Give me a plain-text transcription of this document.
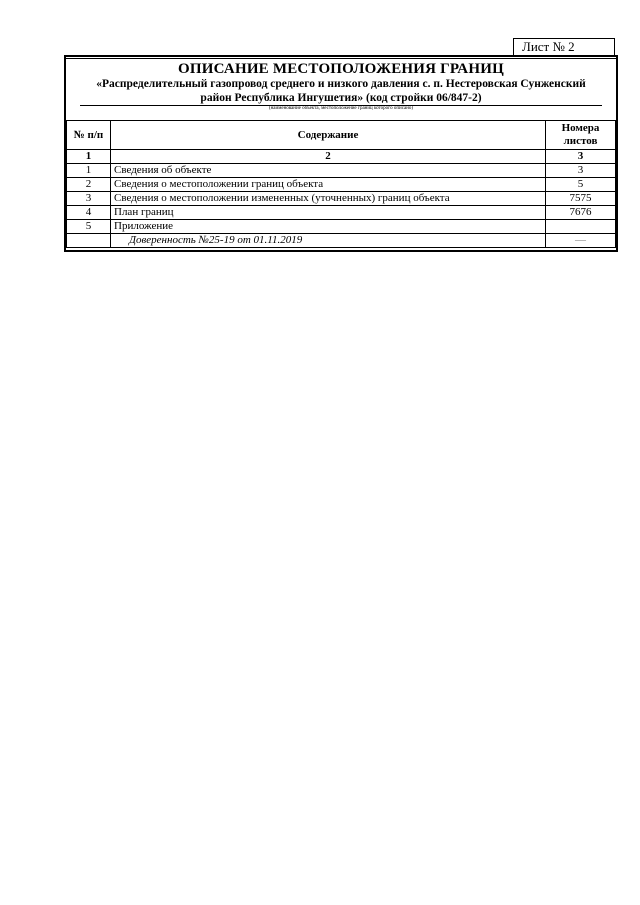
Лист № 2
ОПИСАНИЕ МЕСТОПОЛОЖЕНИЯ ГРАНИЦ
«Распределительный газопровод среднего и низкого давления с. п. Нестеровская Сунженский район Республика Ингушетия» (код стройки 06/847-2)
(наименование объекта, местоположение границ которого описано)
№ п/п	Содержание	Номера листов
1	2	3
1	Сведения об объекте	3
2	Сведения о местоположении границ объекта	5
3	Сведения о местоположении измененных (уточненных) границ объекта	7575
4	План границ	7676
5	Приложение	
	Доверенность №25-19 от 01.11.2019	—
